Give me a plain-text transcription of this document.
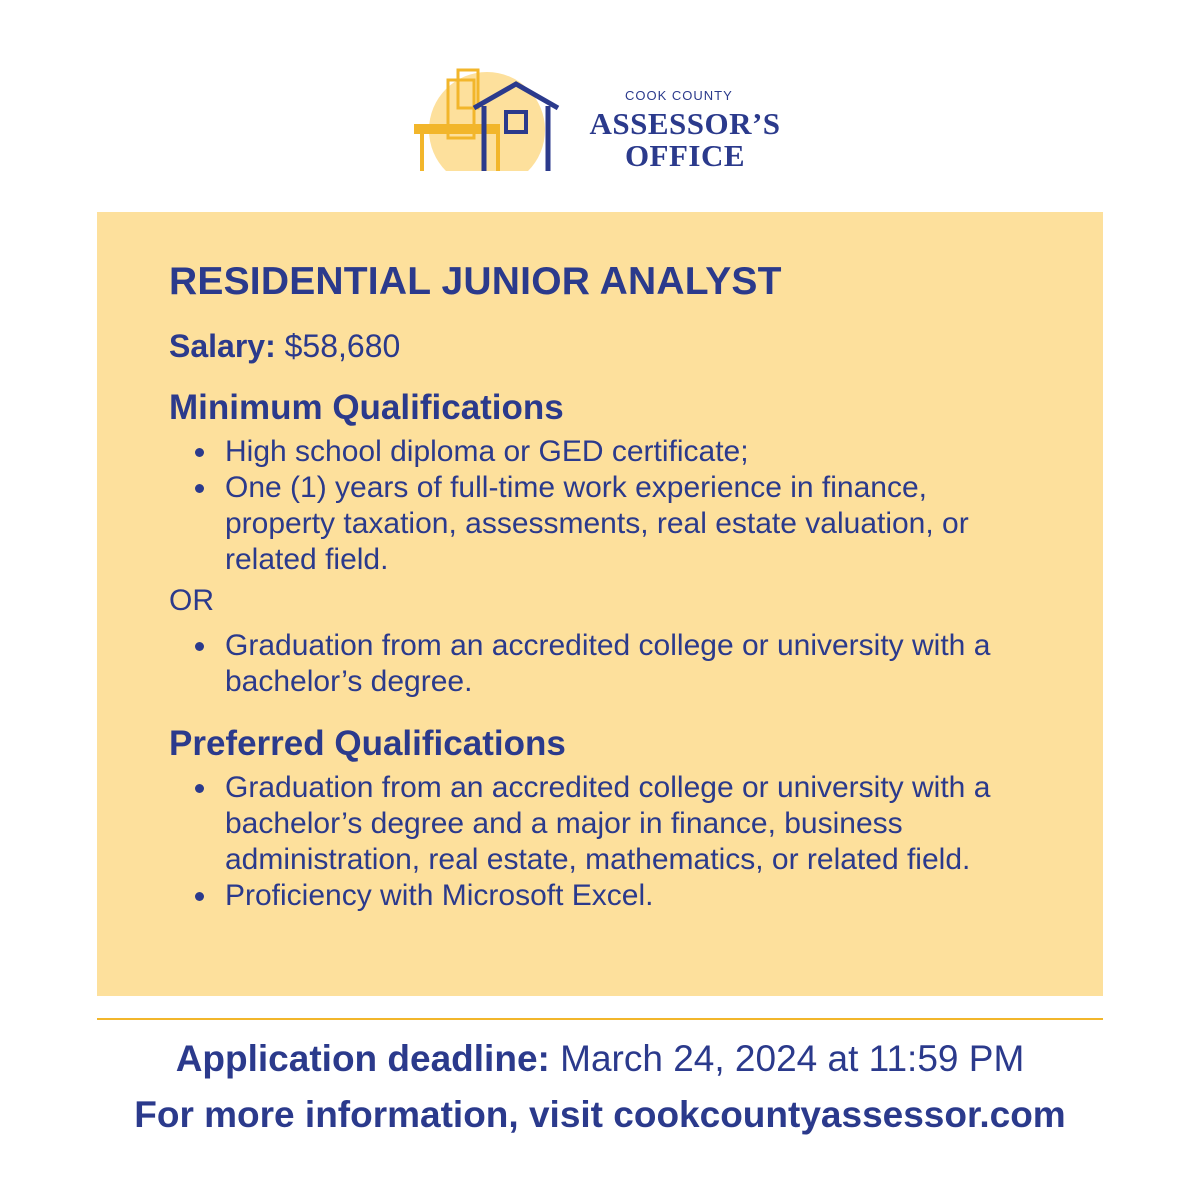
COOK COUNTY
ASSESSOR’S
OFFICE
RESIDENTIAL JUNIOR ANALYST
Salary: $58,680
Minimum Qualifications
High school diploma or GED certificate;
One (1) years of full-time work experience in finance, property taxation, assessments, real estate valuation, or related field.
OR
Graduation from an accredited college or university with a bachelor’s degree.
Preferred Qualifications
Graduation from an accredited college or university with a bachelor’s degree and a major in finance, business administration, real estate, mathematics, or related field.
Proficiency with Microsoft Excel.
Application deadline: March 24, 2024 at 11:59 PM
For more information, visit cookcountyassessor.com
